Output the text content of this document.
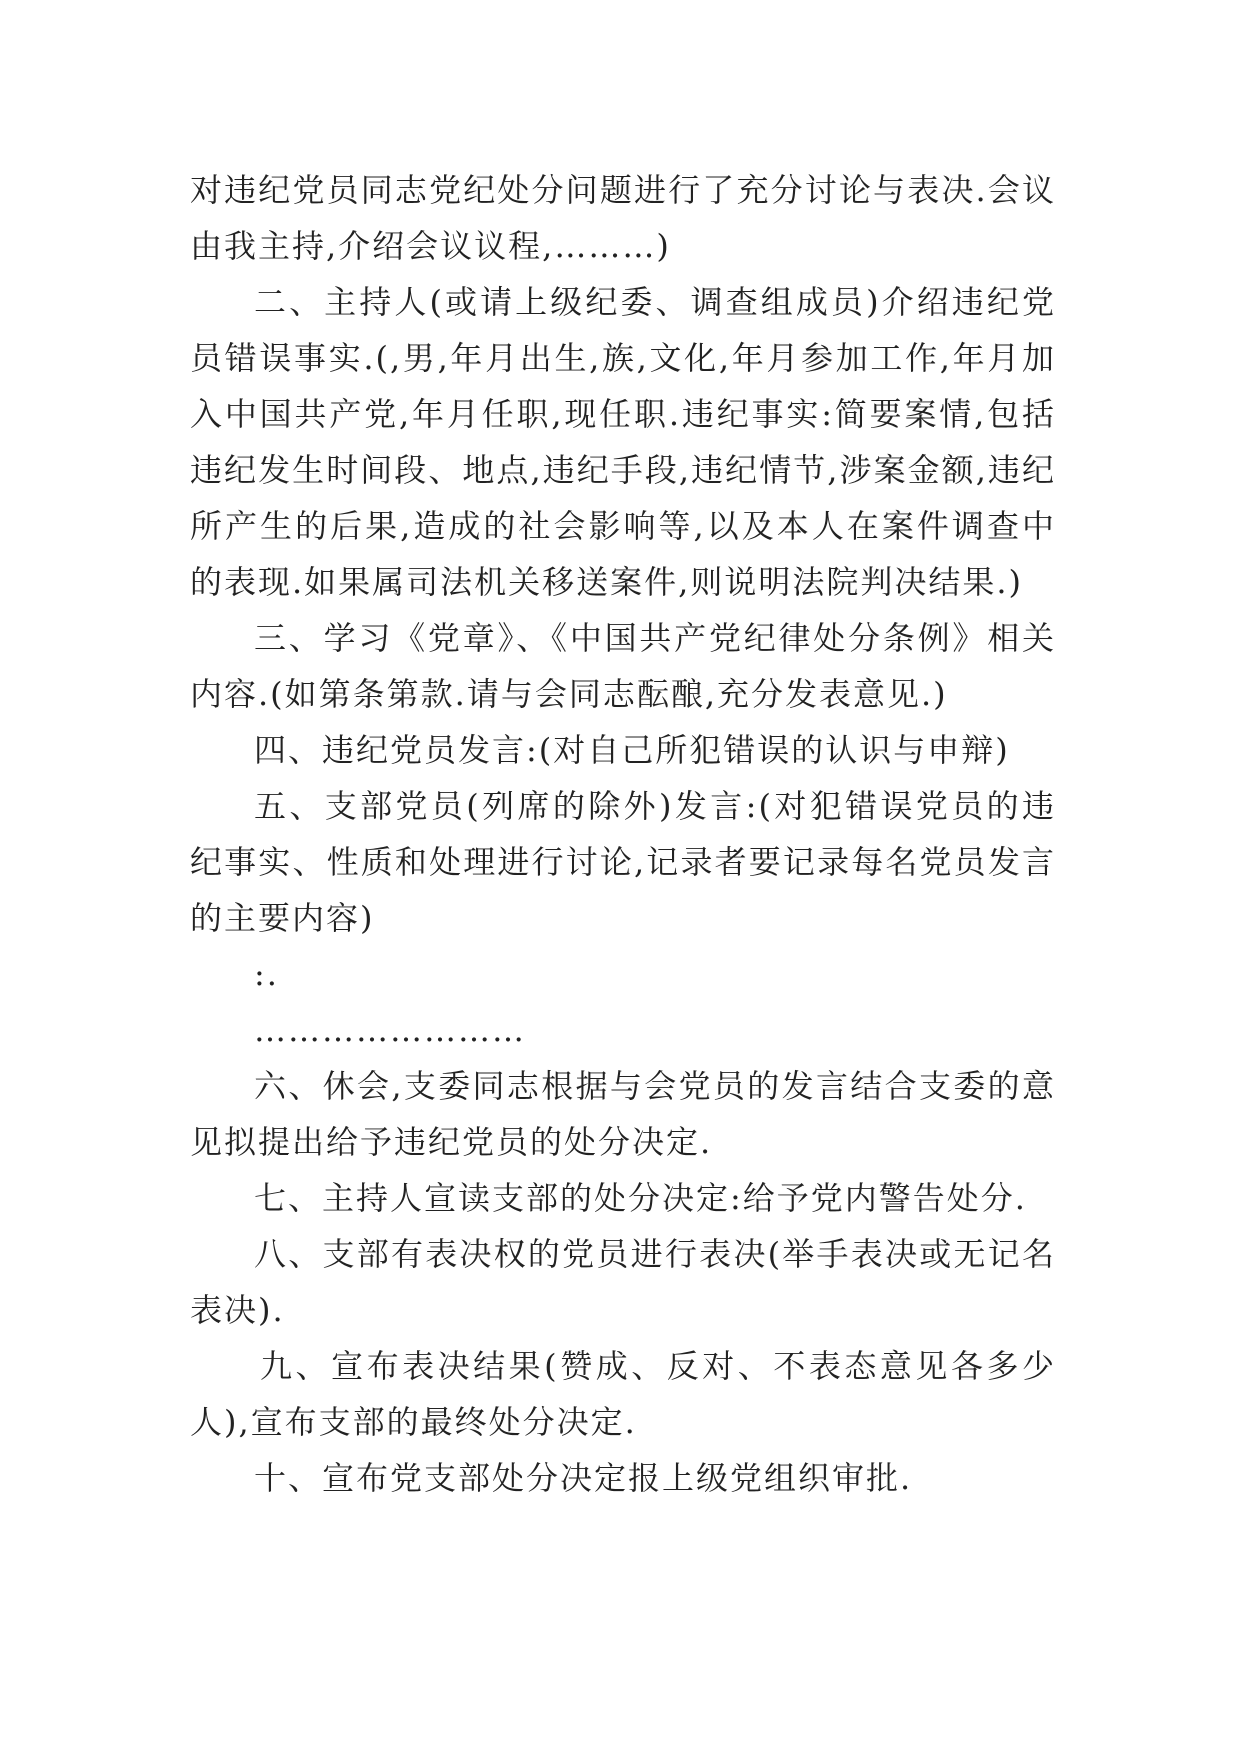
对违纪党员同志党纪处分问题进行了充分讨论与表决.会议由我主持,介绍会议议程,………)

二、主持人(或请上级纪委、调查组成员)介绍违纪党员错误事实.(,男,年月出生,族,文化,年月参加工作,年月加入中国共产党,年月任职,现任职.违纪事实:简要案情,包括违纪发生时间段、地点,违纪手段,违纪情节,涉案金额,违纪所产生的后果,造成的社会影响等,以及本人在案件调查中的表现.如果属司法机关移送案件,则说明法院判决结果.)

三、学习《党章》、《中国共产党纪律处分条例》相关内容.(如第条第款.请与会同志酝酿,充分发表意见.)

四、违纪党员发言:(对自己所犯错误的认识与申辩)

五、支部党员(列席的除外)发言:(对犯错误党员的违纪事实、性质和处理进行讨论,记录者要记录每名党员发言的主要内容)

:.

……………………

六、休会,支委同志根据与会党员的发言结合支委的意见拟提出给予违纪党员的处分决定.

七、主持人宣读支部的处分决定:给予党内警告处分.

八、支部有表决权的党员进行表决(举手表决或无记名表决).

九、宣布表决结果(赞成、反对、不表态意见各多少人),宣布支部的最终处分决定.

十、宣布党支部处分决定报上级党组织审批.
